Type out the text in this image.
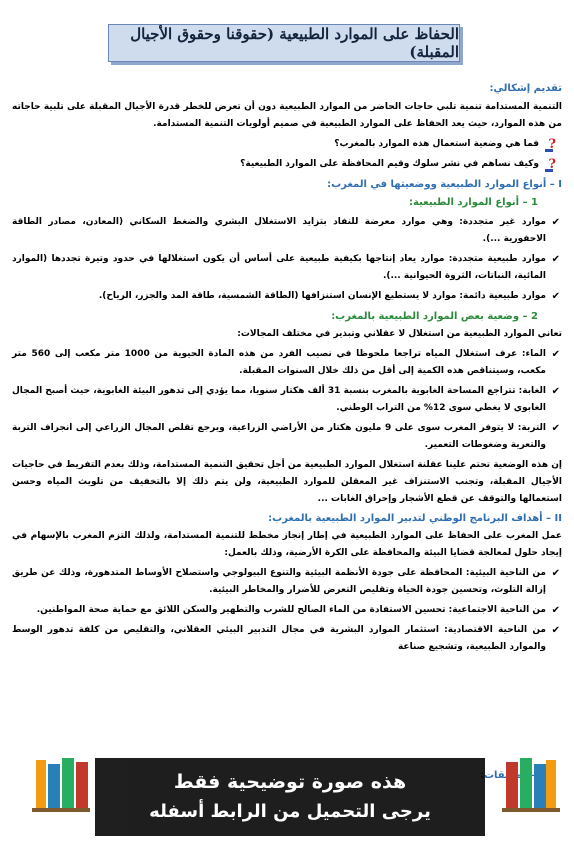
الحفاظ على الموارد الطبيعية (حقوقنا وحقوق الأجيال المقبلة)
تقديم إشكالي:

التنمية المستدامة تنمية تلبي حاجات الحاضر من الموارد الطبيعية دون أن تعرض للخطر قدرة الأجيال المقبلة على تلبية حاجاته من هذه الموارد، حيث يعد الحفاظ على الموارد الطبيعية في صميم أولويات التنمية المستدامة.

?
فما هي وضعية استعمال هذه الموارد بالمغرب؟
?
وكيف نساهم في نشر سلوك وقيم المحافظة على الموارد الطبيعية؟
I – أنواع الموارد الطبيعية ووضعيتها في المغرب:
1 – أنواع الموارد الطبيعية:
✔
موارد غير متجددة: وهي موارد معرضة للنفاد بتزايد الاستغلال البشري والضغط السكاني (المعادن، مصادر الطاقة الاحفورية ...).
✔
موارد طبيعية متجددة: موارد يعاد إنتاجها بكيفية طبيعية على أساس أن يكون استغلالها في حدود وتيرة تجددها (الموارد المائية، النباتات، الثروة الحيوانية ...).
✔
موارد طبيعية دائمة: موارد لا يستطيع الإنسان استنزافها (الطاقة الشمسية، طاقة المد والجزر، الرياح).
2 – وضعية بعض الموارد الطبيعية بالمغرب:

تعاني الموارد الطبيعية من استغلال لا عقلاني وتبذير في مختلف المجالات:

✔
الماء: عرف استغلال المياه تراجعا ملحوظا في نصيب الفرد من هذه المادة الحيوية من 1000 متر مكعب إلى 560 متر مكعب، وسيتناقص هذه الكمية إلى أقل من ذلك خلال السنوات المقبلة.
✔
الغابة: تتراجع المساحة الغابوية بالمغرب بنسبة 31 ألف هكتار سنويا، مما يؤدي إلى تدهور البيئة الغابوية، حيث أصبح المجال الغابوي لا يغطي سوى 12% من التراب الوطني.
✔
التربة: لا يتوفر المغرب سوى على 9 مليون هكتار من الأراضي الزراعية، ويرجع تقلص المجال الزراعي إلى انجراف التربة والتعرية وضغوطات التعمير.

إن هذه الوضعية تحتم علينا عقلنة استغلال الموارد الطبيعية من أجل تحقيق التنمية المستدامة، وذلك بعدم التفريط في حاجيات الأجيال المقبلة، وتجنب الاستنزاف غير المعقلن للموارد الطبيعية، ولن يتم ذلك إلا بالتخفيف من تلويث المياه وحسن استعمالها والتوقف عن قطع الأشجار وإحراق الغابات ...

II – أهداف البرنامج الوطني لتدبير الموارد الطبيعية بالمغرب:

عمل المغرب على الحفاظ على الموارد الطبيعية في إطار إنجاز مخطط للتنمية المستدامة، ولذلك التزم المغرب بالإسهام في إيجاد حلول لمعالجة قضايا البيئة والمحافظة على الكرة الأرضية، وذلك بالعمل:

✔
من الناحية البيئية: المحافظة على جودة الأنظمة البيئية والتنوع البيولوجي واستصلاح الأوساط المتدهورة، وذلك عن طريق إزالة التلوث، وتحسين جودة الحياة وتقليص التعرض للأضرار والمخاطر البيئية.
✔
من الناحية الاجتماعية: تحسين الاستفادة من الماء الصالح للشرب والتطهير والسكن اللائق مع حماية صحة المواطنين.
✔
من الناحية الاقتصادية: استثمار الموارد البشرية في مجال التدبير البيئي العقلاني، والتقليص من كلفة تدهور الوسط والموارد الطبيعية، وتشجيع صناعة
– تطبيقات:
هذه صورة توضيحية فقط
يرجى التحميل من الرابط أسفله
